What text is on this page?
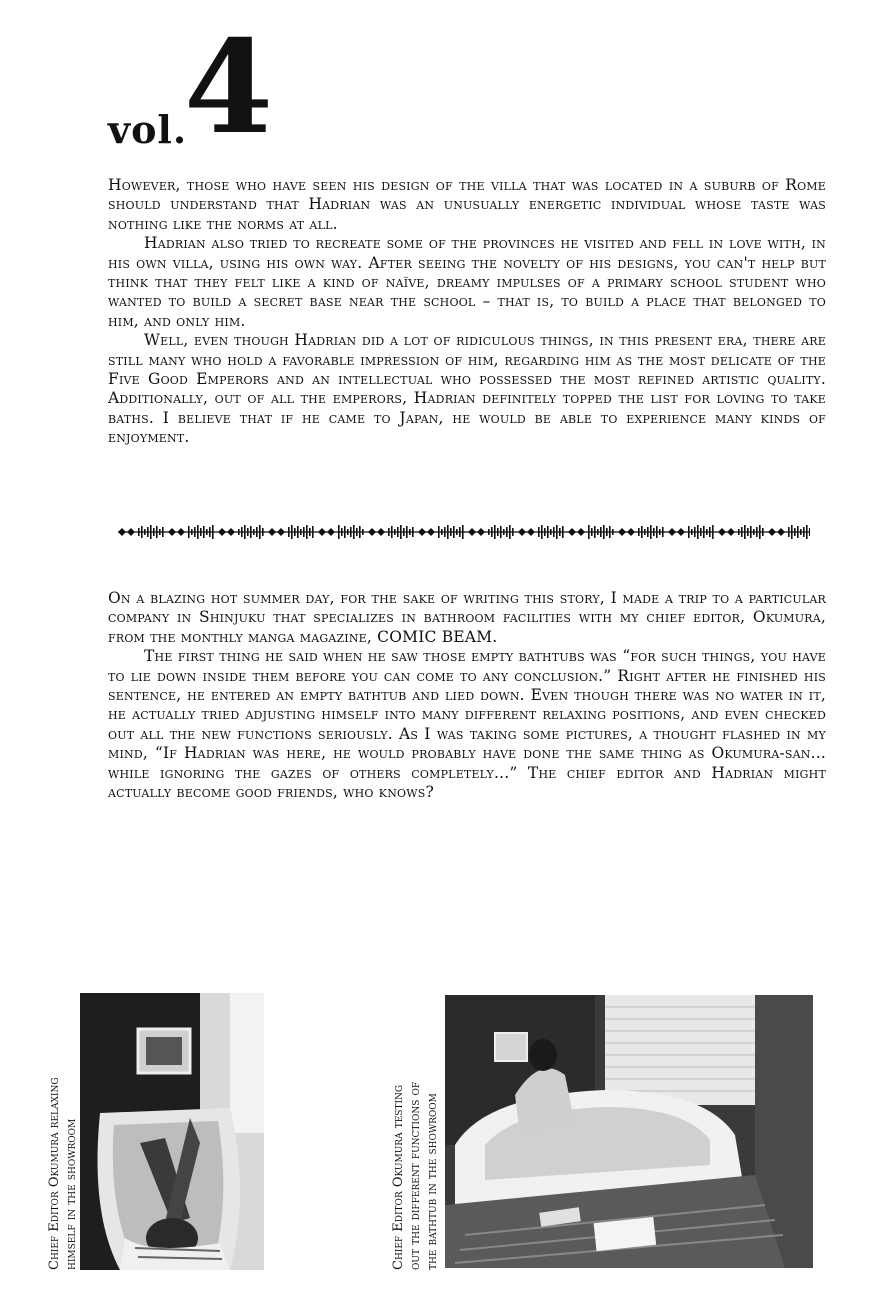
vol.
4

However, those who have seen his design of the villa that was located in a suburb of Rome should understand that Hadrian was an unusually energetic individual whose taste was nothing like the norms at all.

Hadrian also tried to recreate some of the provinces he visited and fell in love with, in his own villa, using his own way. After seeing the novelty of his designs, you can't help but think that they felt like a kind of naïve, dreamy impulses of a primary school student who wanted to build a secret base near the school – that is, to build a place that belonged to him, and only him.

Well, even though Hadrian did a lot of ridiculous things, in this present era, there are still many who hold a favorable impression of him, regarding him as the most delicate of the Five Good Emperors and an intellectual who possessed the most refined artistic quality. Additionally, out of all the emperors, Hadrian definitely topped the list for loving to take baths. I believe that if he came to Japan, he would be able to experience many kinds of enjoyment.

On a blazing hot summer day, for the sake of writing this story, I made a trip to a particular company in Shinjuku that specializes in bathroom facilities with my chief editor, Okumura, from the monthly manga magazine, COMIC BEAM.

The first thing he said when he saw those empty bathtubs was “for such things, you have to lie down inside them before you can come to any conclusion.” Right after he finished his sentence, he entered an empty bathtub and lied down. Even though there was no water in it, he actually tried adjusting himself into many different relaxing positions, and even checked out all the new functions seriously. As I was taking some pictures, a thought flashed in my mind, “If Hadrian was here, he would probably have done the same thing as Okumura-san... while ignoring the gazes of others completely...” The chief editor and Hadrian might actually become good friends, who knows?

Chief Editor Okumura relaxing himself in the showroom	Chief Editor Okumura testing out the different functions of the bathtub in the showroom
